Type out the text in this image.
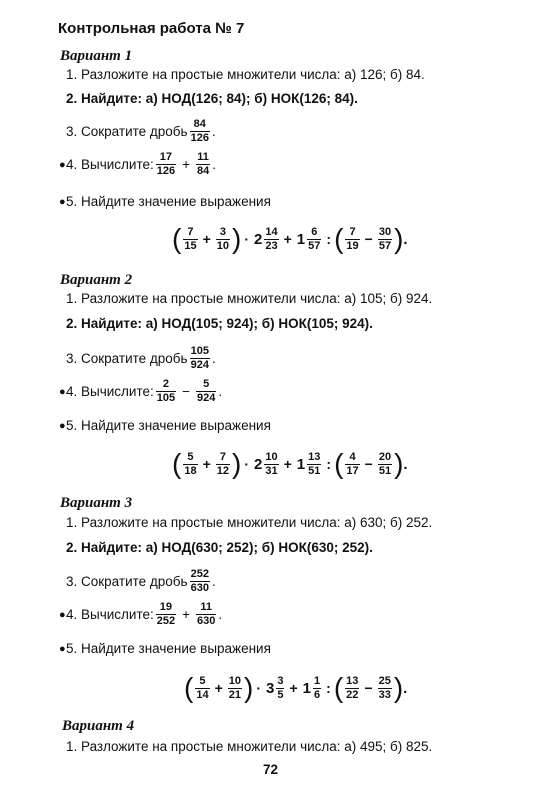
Контрольная работа № 7
Вариант 1
1. Разложите на простые множители числа: а) 126; б) 84.
2. Найдите: а) НОД(126; 84); б) НОК(126; 84).
3. Сократите дробь $\frac{84}{126}$ .
● 4. Вычислите: $\frac{17}{126} + \frac{11}{84}$ .
● 5. Найдите значение выражения
( $\frac{7}{15} + \frac{3}{10}$ ) · $2 \frac{14}{23} + 1 \frac{6}{57}$ : ( $\frac{7}{19} - \frac{30}{57}$ ) .
Вариант 2
1. Разложите на простые множители числа: а) 105; б) 924.
2. Найдите: а) НОД(105; 924); б) НОК(105; 924).
3. Сократите дробь $\frac{105}{924}$ .
● 4. Вычислите: $\frac{2}{105} - \frac{5}{924}$ .
● 5. Найдите значение выражения
( $\frac{5}{18} + \frac{7}{12}$ ) · $2 \frac{10}{31} + 1 \frac{13}{51}$ : ( $\frac{4}{17} - \frac{20}{51}$ ) .
Вариант 3
1. Разложите на простые множители числа: а) 630; б) 252.
2. Найдите: а) НОД(630; 252); б) НОК(630; 252).
3. Сократите дробь $\frac{252}{630}$ .
● 4. Вычислите: $\frac{19}{252} + \frac{11}{630}$ .
● 5. Найдите значение выражения
( $\frac{5}{14} + \frac{10}{21}$ ) · $3 \frac{3}{5} + 1 \frac{1}{6}$ : ( $\frac{13}{22} - \frac{25}{33}$ ) .
Вариант 4
1. Разложите на простые множители числа: а) 495; б) 825.
72
